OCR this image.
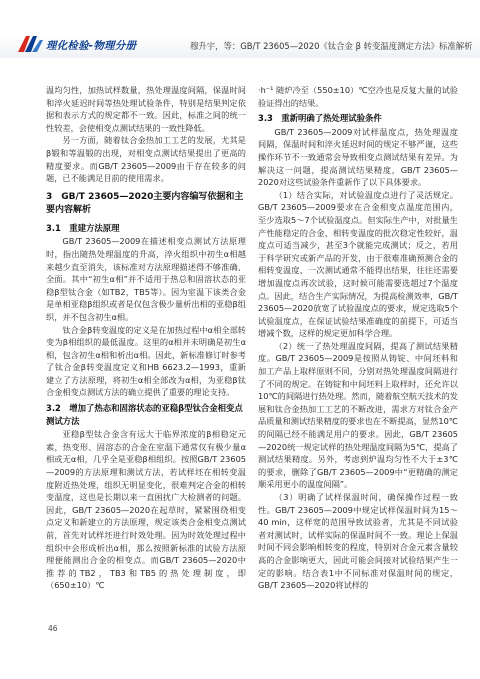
理化检验-物理分册	穆升宇，等：GB/T 23605—2020《钛合金 β 转变温度测定方法》标准解析

温均匀性，加热试样数量，热处理温度间隔，保温时间和淬火延迟时间等热处理试验条件，特别是结果判定依据和表示方式的规定都不一致。因此，标准之间的统一性较差，会使相变点测试结果的一致性降低。

另一方面，随着钛合金热加工工艺的发展，尤其是β锻和等温锻的出现，对相变点测试结果提出了更高的精度要求。而GB/T 23605—2009由于存在较多的问题，已不能满足目前的使用需求。

3　GB/T 23605—2020主要内容编写依据和主要内容解析
3.1　重建方法原理

GB/T 23605—2009在描述相变点测试方法原理时，指出随热处理温度的升高，淬火组织中初生α相越来越少直至消失，该标准对方法原理描述得不够准确、全面。其中“初生α相”并不适用于热总和固溶状态的亚稳β型钛合金（如TB2，TB5等）。因为室温下该类合金是单相亚稳β组织或者是仅包含极少量析出相的亚稳β组织，并不包含初生α相。

钛合金β转变温度的定义是在加热过程中α相全部转变为β相组织的最低温度。这里的α相并未明确是初生α相，包含初生α相和析出α相。因此，新标准修订时参考了钛合金β转变温度定义和HB 6623.2—1993，重新建立了方法原理，将初生α相全部改为α相，为亚稳β钛合金相变点测试方法的确立提供了重要的理论支持。

3.2　增加了热态和固溶状态的亚稳β型钛合金相变点测试方法

亚稳β型钛合金含有远大于临界浓度的β相稳定元素，热变形、固溶态的合金在室温下通常仅有极少量α相或无α相，几乎全是亚稳β相组织。按照GB/T 23605—2009的方法原理和测试方法，若试样坯在相转变温度附近热处理，组织无明显变化，很难判定合金的相转变温度，这也是长期以来一直困扰广大检测者的问题。因此，GB/T 23605—2020在起草时，紧紧围绕相变点定义和新建立的方法原理，规定该类合金相变点测试前，首先对试样坯进行时效处理。因为时效处理过程中组织中会形成析出α相，那么按照新标准的试验方法原理便能测出合金的相变点。而GB/T 23605—2020中推荐的TB2，TB3和TB5的热处理制度，即（650±10）℃

·h⁻¹ 随炉冷至（550±10）℃空冷也是反复大量的试验验证得出的结果。

3.3　重新明确了热处理试验条件

GB/T 23605—2009对试样温度点，热处理温度间隔，保温时间和淬火延迟时间的规定不够严谨，这些操作环节不一致通常会导致相变点测试结果有差异。为解决这一问题，提高测试结果精度，GB/T 23605—2020对这些试验条件重新作了以下具体要求。

（1）结合实际，对试验温度点进行了灵活规定。GB/T 23605—2009要求在合金相变点温度范围内，至少选取5～7个试验温度点。但实际生产中，对批量生产性能稳定的合金，相转变温度的批次稳定性较好，温度点可适当减少，甚至3个就能完成测试；反之，若用于科学研究或新产品的开发，由于很难准确预测合金的相转变温度，一次测试通常不能得出结果，往往还需要增加温度点再次试验，这时候可能需要选超过7个温度点。因此，结合生产实际情况，为提高检测效率，GB/T 23605—2020放宽了试验温度点的要求，规定选取5个试验温度点，在保证试验结果准确度的前提下，可适当增减个数，这样的规定更加科学合理。

（2）统一了热处理温度间隔，提高了测试结果精度。GB/T 23605—2009是按照从铸锭、中间坯料和加工产品上取样原则不同，分别对热处理温度间隔进行了不同的规定。在铸锭和中间坯料上取样时，还允许以10℃的间隔进行热处理。然而，随着航空航天技术的发展和钛合金热加工工艺的不断改进，需求方对钛合金产品质量和测试结果精度的要求也在不断提高，显然10℃的间隔已经不能满足用户的要求。因此，GB/T 23605—2020统一规定试样的热处理温度间隔为5℃，提高了测试结果精度。另外，考虑到炉温均匀性不大于±3℃的要求，删除了GB/T 23605—2009中“更精确的测定顺采用更小的温度间隔”。

（3）明确了试样保温时间，确保操作过程一致性。GB/T 23605—2009中规定试样保温时间为15～40 min，这样宽的范围导致试验者，尤其是不同试验者对测试时，试样实际的保温时间不一致。理论上保温时间不同会影响相转变的程度，特别对合金元素含量较高的合金影响更大，因此可能会间接对试验结果产生一定的影响。结合表1中不同标准对保温时间的规定，GB/T 23605—2020将试样的

46
